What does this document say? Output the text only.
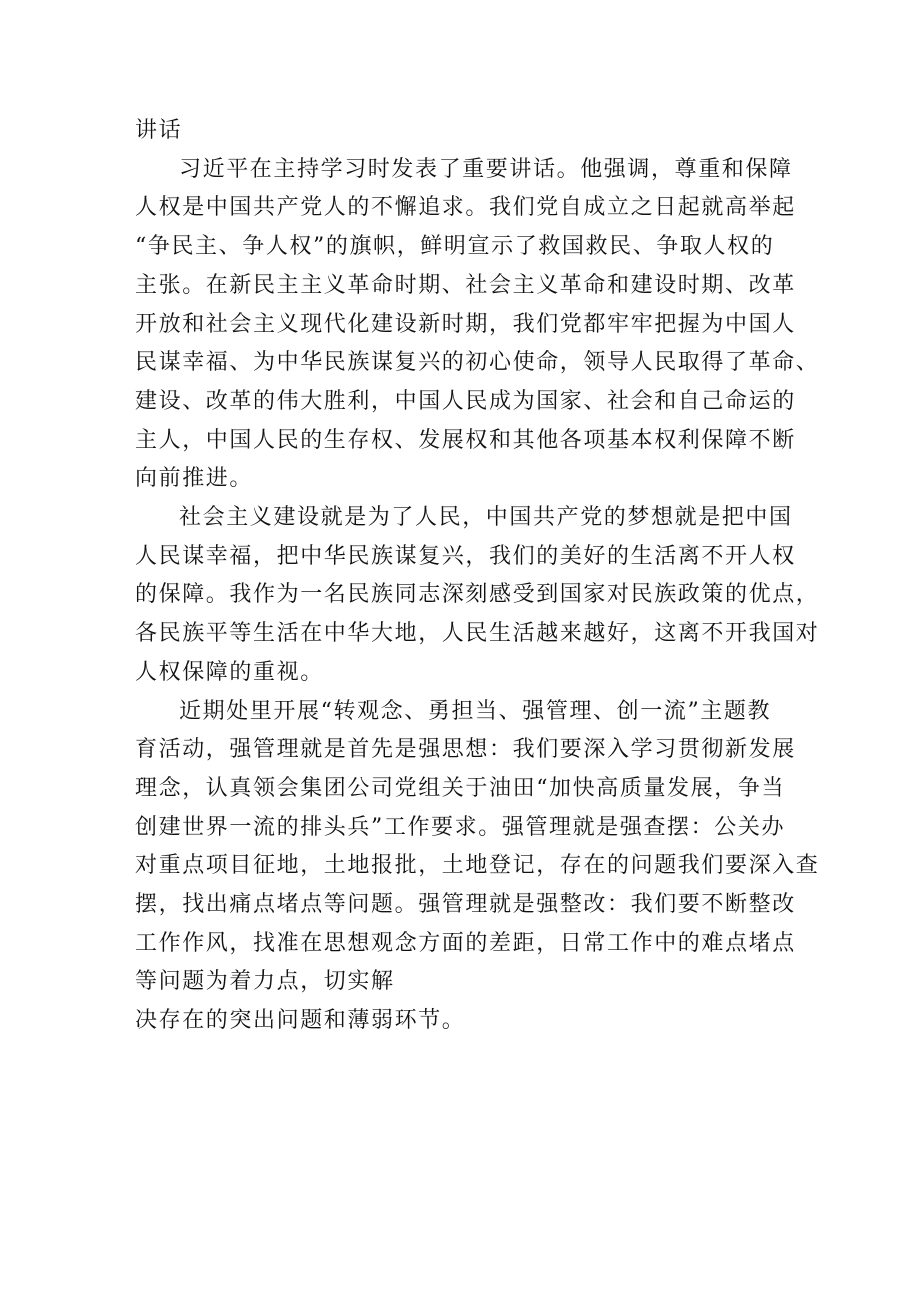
讲话

习近平在主持学习时发表了重要讲话。他强调，尊重和保障
人权是中国共产党人的不懈追求。我们党自成立之日起就高举起
“争民主、争人权”的旗帜，鲜明宣示了救国救民、争取人权的
主张。在新民主主义革命时期、社会主义革命和建设时期、改革
开放和社会主义现代化建设新时期，我们党都牢牢把握为中国人
民谋幸福、为中华民族谋复兴的初心使命，领导人民取得了革命、
建设、改革的伟大胜利，中国人民成为国家、社会和自己命运的
主人，中国人民的生存权、发展权和其他各项基本权利保障不断
向前推进。

社会主义建设就是为了人民，中国共产党的梦想就是把中国
人民谋幸福，把中华民族谋复兴，我们的美好的生活离不开人权
的保障。我作为一名民族同志深刻感受到国家对民族政策的优点，
各民族平等生活在中华大地，人民生活越来越好，这离不开我国对
人权保障的重视。

近期处里开展“转观念、勇担当、强管理、创一流”主题教
育活动，强管理就是首先是强思想：我们要深入学习贯彻新发展
理念，认真领会集团公司党组关于油田“加快高质量发展，争当
创建世界一流的排头兵”工作要求。强管理就是强查摆：公关办
对重点项目征地，土地报批，土地登记，存在的问题我们要深入查
摆，找出痛点堵点等问题。强管理就是强整改：我们要不断整改
工作作风，找准在思想观念方面的差距，日常工作中的难点堵点
等问题为着力点，切实解

决存在的突出问题和薄弱环节。
